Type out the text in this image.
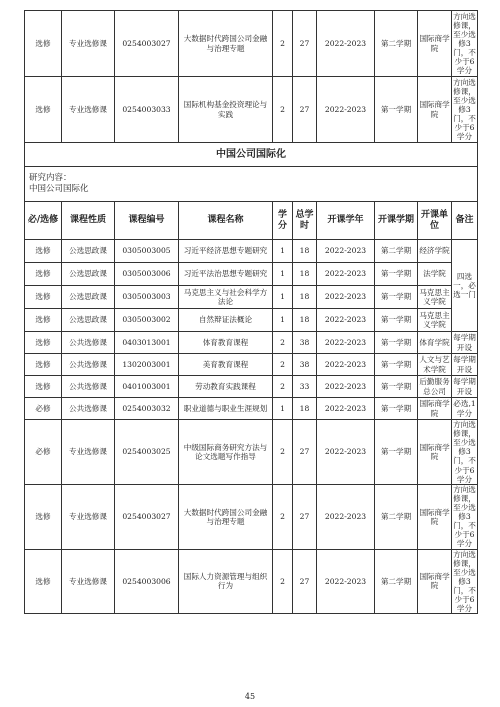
选修	专业选修课	0254003027	大数据时代跨国公司金融与治理专题	2	27	2022-2023	第二学期	国际商学院	方向选修课，至少选修3门，不少于6学分
选修	专业选修课	0254003033	国际机构基金投资理论与实践	2	27	2022-2023	第一学期	国际商学院	方向选修课，至少选修3门，不少于6学分
中国公司国际化									

研究内容：
中国公司国际化									

必/选修	课程性质	课程编号	课程名称	学分	总学时	开课学年	开课学期	开课单位	备注
选修	公选思政课	0305003005	习近平经济思想专题研究	1	18	2022-2023	第二学期	经济学院	四选一，必选一门
选修	公选思政课	0305003006	习近平法治思想专题研究	1	18	2022-2023	第一学期	法学院	
选修	公选思政课	0305003003	马克思主义与社会科学方法论	1	18	2022-2023	第一学期	马克思主义学院	
选修	公选思政课	0305003002	自然辩证法概论	1	18	2022-2023	第一学期	马克思主义学院	
选修	公共选修课	0403013001	体育教育课程	2	38	2022-2023	第一学期	体育学院	每学期开设
选修	公共选修课	1302003001	美育教育课程	2	38	2022-2023	第一学期	人文与艺术学院	每学期开设
选修	公共选修课	0401003001	劳动教育实践课程	2	33	2022-2023	第一学期	后勤服务总公司	每学期开设
必修	公共选修课	0254003032	职业道德与职业生涯规划	1	18	2022-2023	第一学期	国际商学院	必选,1学分
必修	专业选修课	0254003025	中级国际商务研究方法与论文选题写作指导	2	27	2022-2023	第一学期	国际商学院	方向选修课，至少选修3门，不少于6学分
选修	专业选修课	0254003027	大数据时代跨国公司金融与治理专题	2	27	2022-2023	第二学期	国际商学院	方向选修课，至少选修3门，不少于6学分
选修	专业选修课	0254003006	国际人力资源管理与组织行为	2	27	2022-2023	第二学期	国际商学院	方向选修课，至少选修3门，不少于6学分
45
